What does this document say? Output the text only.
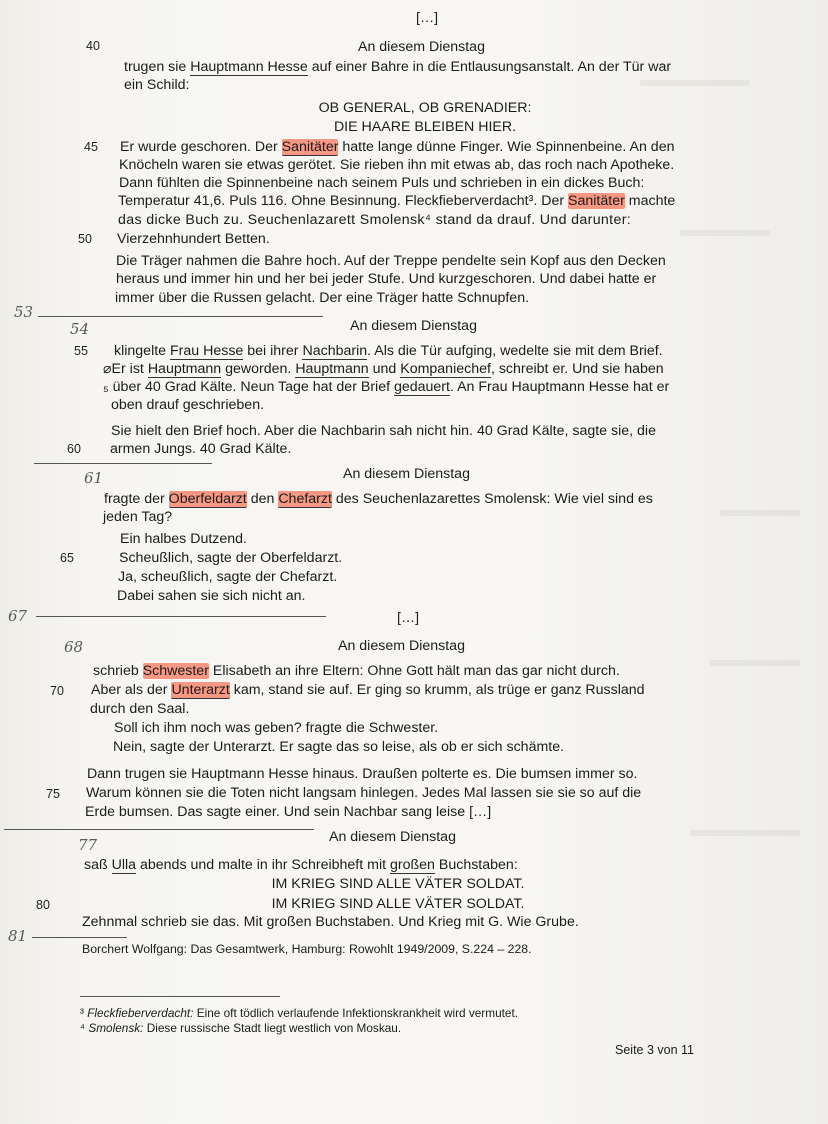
[…]
40	An diesem Dienstag
trugen sie Hauptmann Hesse auf einer Bahre in die Entlausungsanstalt. An der Tür war
ein Schild:
OB GENERAL, OB GRENADIER:
DIE HAARE BLEIBEN HIER.
45 Er wurde geschoren. Der Sanitäter hatte lange dünne Finger. Wie Spinnenbeine. An den
Knöcheln waren sie etwas gerötet. Sie rieben ihn mit etwas ab, das roch nach Apotheke.
Dann fühlten die Spinnenbeine nach seinem Puls und schrieben in ein dickes Buch:
Temperatur 41,6. Puls 116. Ohne Besinnung. Fleckfieberverdacht³. Der Sanitäter machte
das dicke Buch zu. Seuchenlazarett Smolensk⁴ stand da drauf. Und darunter:
50 Vierzehnhundert Betten.
Die Träger nahmen die Bahre hoch. Auf der Treppe pendelte sein Kopf aus den Decken
heraus und immer hin und her bei jeder Stufe. Und kurzgeschoren. Und dabei hatte er
immer über die Russen gelacht. Der eine Träger hatte Schnupfen.
53
54	An diesem Dienstag
55 klingelte Frau Hesse bei ihrer Nachbarin. Als die Tür aufging, wedelte sie mit dem Brief.
⌀Er ist Hauptmann geworden. Hauptmann und Kompaniechef, schreibt er. Und sie haben
₅ über 40 Grad Kälte. Neun Tage hat der Brief gedauert. An Frau Hauptmann Hesse hat er
oben drauf geschrieben.
Sie hielt den Brief hoch. Aber die Nachbarin sah nicht hin. 40 Grad Kälte, sagte sie, die
60 armen Jungs. 40 Grad Kälte.
61	An diesem Dienstag
fragte der Oberfeldarzt den Chefarzt des Seuchenlazarettes Smolensk: Wie viel sind es
jeden Tag?
Ein halbes Dutzend.
65	Scheußlich, sagte der Oberfeldarzt.
Ja, scheußlich, sagte der Chefarzt.
Dabei sahen sie sich nicht an.
67	[…]
68	An diesem Dienstag
schrieb Schwester Elisabeth an ihre Eltern: Ohne Gott hält man das gar nicht durch.
70 Aber als der Unterarzt kam, stand sie auf. Er ging so krumm, als trüge er ganz Russland
durch den Saal.
Soll ich ihm noch was geben? fragte die Schwester.
Nein, sagte der Unterarzt. Er sagte das so leise, als ob er sich schämte.
Dann trugen sie Hauptmann Hesse hinaus. Draußen polterte es. Die bumsen immer so.
75 Warum können sie die Toten nicht langsam hinlegen. Jedes Mal lassen sie sie so auf die
Erde bumsen. Das sagte einer. Und sein Nachbar sang leise […]
77	An diesem Dienstag
saß Ulla abends und malte in ihr Schreibheft mit großen Buchstaben:
IM KRIEG SIND ALLE VÄTER SOLDAT.
80	IM KRIEG SIND ALLE VÄTER SOLDAT.
Zehnmal schrieb sie das. Mit großen Buchstaben. Und Krieg mit G. Wie Grube.
81
Borchert Wolfgang: Das Gesamtwerk, Hamburg: Rowohlt 1949/2009, S.224 – 228.
³ Fleckfieberverdacht: Eine oft tödlich verlaufende Infektionskrankheit wird vermutet.
⁴ Smolensk: Diese russische Stadt liegt westlich von Moskau.
Seite 3 von 11
